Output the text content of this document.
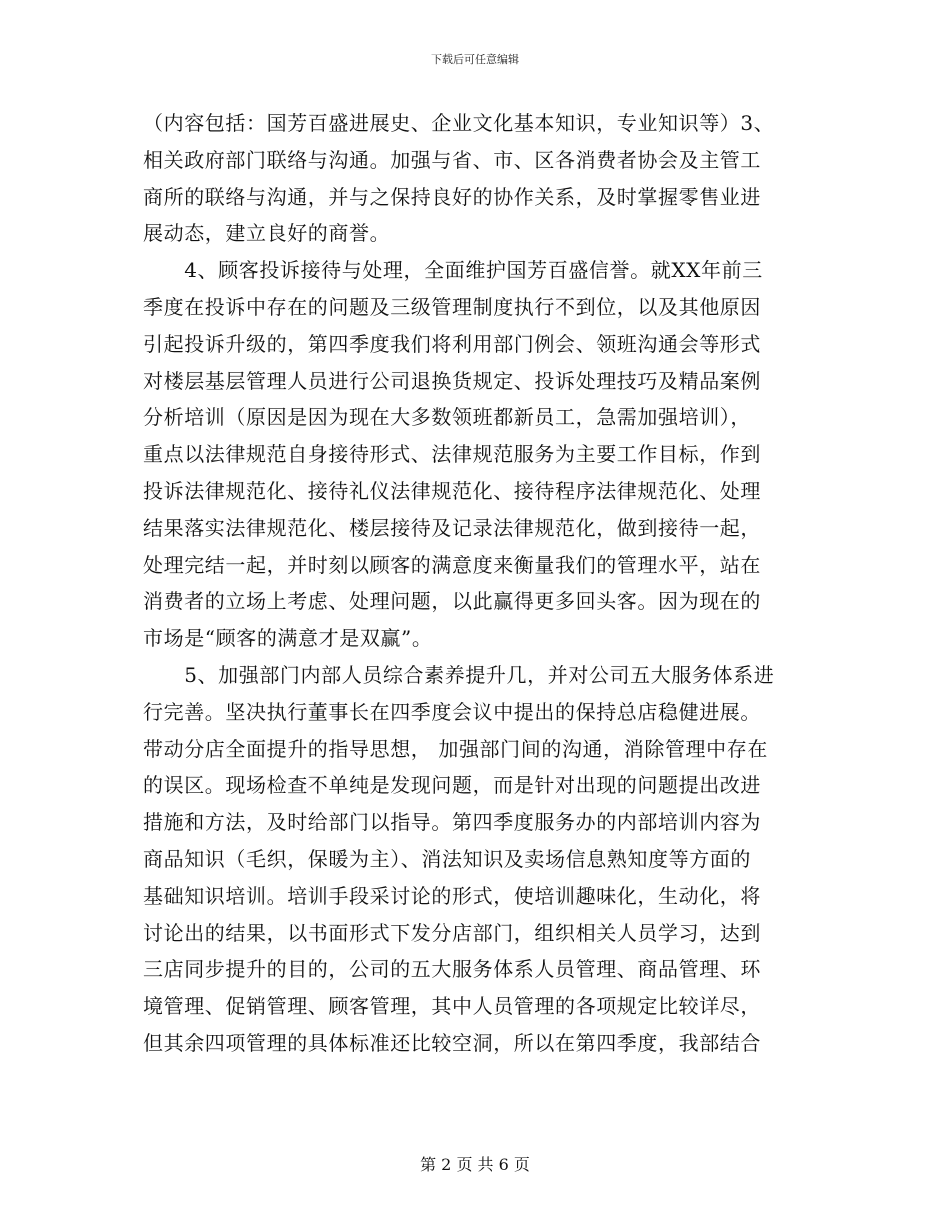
下载后可任意编辑
（内容包括：国芳百盛进展史、企业文化基本知识，专业知识等）3、
相关政府部门联络与沟通。加强与省、市、区各消费者协会及主管工
商所的联络与沟通，并与之保持良好的协作关系，及时掌握零售业进
展动态，建立良好的商誉。
　　4、顾客投诉接待与处理，全面维护国芳百盛信誉。就XX年前三
季度在投诉中存在的问题及三级管理制度执行不到位，以及其他原因
引起投诉升级的，第四季度我们将利用部门例会、领班沟通会等形式
对楼层基层管理人员进行公司退换货规定、投诉处理技巧及精品案例
分析培训（原因是因为现在大多数领班都新员工，急需加强培训），
重点以法律规范自身接待形式、法律规范服务为主要工作目标，作到
投诉法律规范化、接待礼仪法律规范化、接待程序法律规范化、处理
结果落实法律规范化、楼层接待及记录法律规范化，做到接待一起，
处理完结一起，并时刻以顾客的满意度来衡量我们的管理水平，站在
消费者的立场上考虑、处理问题，以此赢得更多回头客。因为现在的
市场是“顾客的满意才是双赢”。
　　5、加强部门内部人员综合素养提升几，并对公司五大服务体系进
行完善。坚决执行董事长在四季度会议中提出的保持总店稳健进展。
带动分店全面提升的指导思想， 加强部门间的沟通，消除管理中存在
的误区。现场检查不单纯是发现问题，而是针对出现的问题提出改进
措施和方法，及时给部门以指导。第四季度服务办的内部培训内容为
商品知识（毛织，保暖为主）、消法知识及卖场信息熟知度等方面的
基础知识培训。培训手段采讨论的形式，使培训趣味化，生动化，将
讨论出的结果，以书面形式下发分店部门，组织相关人员学习，达到
三店同步提升的目的，公司的五大服务体系人员管理、商品管理、环
境管理、促销管理、顾客管理，其中人员管理的各项规定比较详尽，
但其余四项管理的具体标准还比较空洞，所以在第四季度，我部结合
第 2 页 共 6 页
